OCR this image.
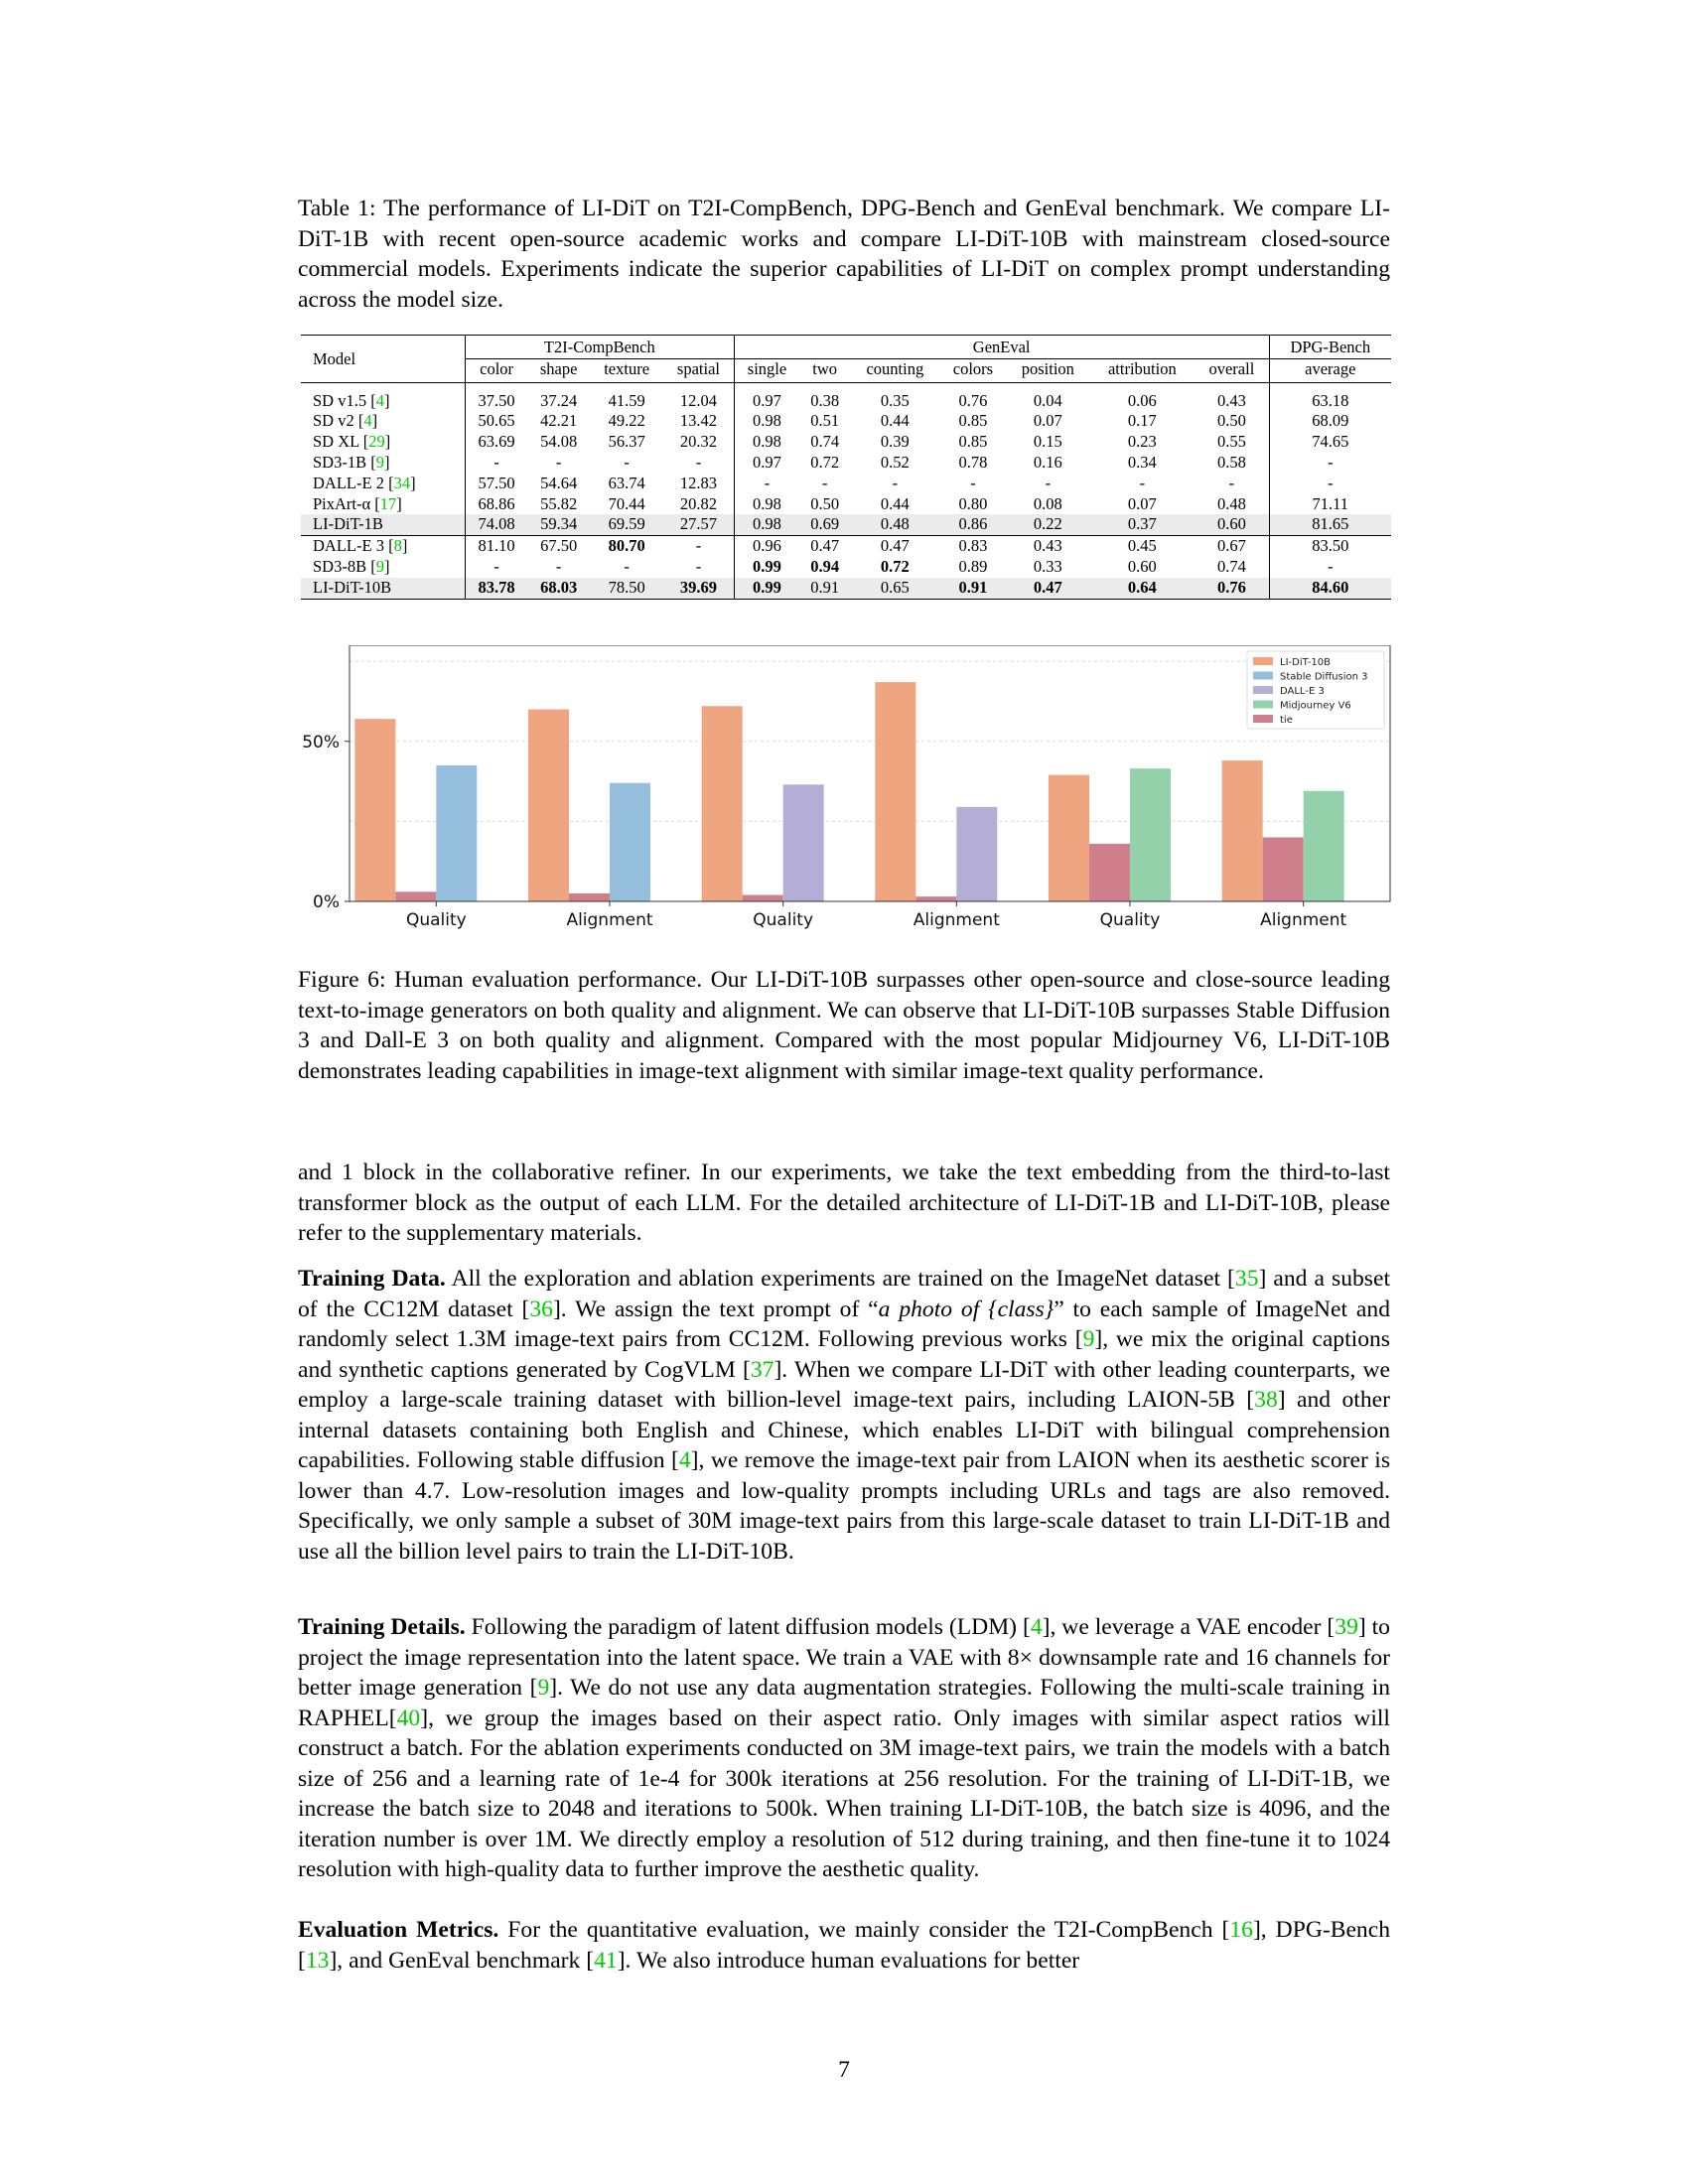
Table 1: The performance of LI-DiT on T2I-CompBench, DPG-Bench and GenEval benchmark. We compare LI-DiT-1B with recent open-source academic works and compare LI-DiT-10B with mainstream closed-source commercial models. Experiments indicate the superior capabilities of LI-DiT on complex prompt understanding across the model size.
Model	T2I-CompBench				GenEval							DPG-Bench
	color	shape	texture	spatial	single	two	counting	colors	position	attribution	overall	average
SD v1.5 [4]	37.50	37.24	41.59	12.04	0.97	0.38	0.35	0.76	0.04	0.06	0.43	63.18
SD v2 [4]	50.65	42.21	49.22	13.42	0.98	0.51	0.44	0.85	0.07	0.17	0.50	68.09
SD XL [29]	63.69	54.08	56.37	20.32	0.98	0.74	0.39	0.85	0.15	0.23	0.55	74.65
SD3-1B [9]	-	-	-	-	0.97	0.72	0.52	0.78	0.16	0.34	0.58	-
DALL-E 2 [34]	57.50	54.64	63.74	12.83	-	-	-	-	-	-	-	-
PixArt-α [17]	68.86	55.82	70.44	20.82	0.98	0.50	0.44	0.80	0.08	0.07	0.48	71.11
LI-DiT-1B	74.08	59.34	69.59	27.57	0.98	0.69	0.48	0.86	0.22	0.37	0.60	81.65
DALL-E 3 [8]	81.10	67.50	80.70	-	0.96	0.47	0.47	0.83	0.43	0.45	0.67	83.50
SD3-8B [9]	-	-	-	-	0.99	0.94	0.72	0.89	0.33	0.60	0.74	-
LI-DiT-10B	83.78	68.03	78.50	39.69	0.99	0.91	0.65	0.91	0.47	0.64	0.76	84.60
0%
50%
Quality	Alignment	Quality	Alignment	Quality	Alignment
LI-DiT-10B
Stable Diffusion 3
DALL-E 3
Midjourney V6
tie
Figure 6: Human evaluation performance. Our LI-DiT-10B surpasses other open-source and close-source leading text-to-image generators on both quality and alignment. We can observe that LI-DiT-10B surpasses Stable Diffusion 3 and Dall-E 3 on both quality and alignment. Compared with the most popular Midjourney V6, LI-DiT-10B demonstrates leading capabilities in image-text alignment with similar image-text quality performance.
and 1 block in the collaborative refiner. In our experiments, we take the text embedding from the third-to-last transformer block as the output of each LLM. For the detailed architecture of LI-DiT-1B and LI-DiT-10B, please refer to the supplementary materials.
Training Data. All the exploration and ablation experiments are trained on the ImageNet dataset [35] and a subset of the CC12M dataset [36]. We assign the text prompt of “a photo of {class}” to each sample of ImageNet and randomly select 1.3M image-text pairs from CC12M. Following previous works [9], we mix the original captions and synthetic captions generated by CogVLM [37]. When we compare LI-DiT with other leading counterparts, we employ a large-scale training dataset with billion-level image-text pairs, including LAION-5B [38] and other internal datasets containing both English and Chinese, which enables LI-DiT with bilingual comprehension capabilities. Following stable diffusion [4], we remove the image-text pair from LAION when its aesthetic scorer is lower than 4.7. Low-resolution images and low-quality prompts including URLs and tags are also removed. Specifically, we only sample a subset of 30M image-text pairs from this large-scale dataset to train LI-DiT-1B and use all the billion level pairs to train the LI-DiT-10B.
Training Details. Following the paradigm of latent diffusion models (LDM) [4], we leverage a VAE encoder [39] to project the image representation into the latent space. We train a VAE with 8× downsample rate and 16 channels for better image generation [9]. We do not use any data augmentation strategies. Following the multi-scale training in RAPHEL[40], we group the images based on their aspect ratio. Only images with similar aspect ratios will construct a batch. For the ablation experiments conducted on 3M image-text pairs, we train the models with a batch size of 256 and a learning rate of 1e-4 for 300k iterations at 256 resolution. For the training of LI-DiT-1B, we increase the batch size to 2048 and iterations to 500k. When training LI-DiT-10B, the batch size is 4096, and the iteration number is over 1M. We directly employ a resolution of 512 during training, and then fine-tune it to 1024 resolution with high-quality data to further improve the aesthetic quality.
Evaluation Metrics. For the quantitative evaluation, we mainly consider the T2I-CompBench [16], DPG-Bench [13], and GenEval benchmark [41]. We also introduce human evaluations for better
7
